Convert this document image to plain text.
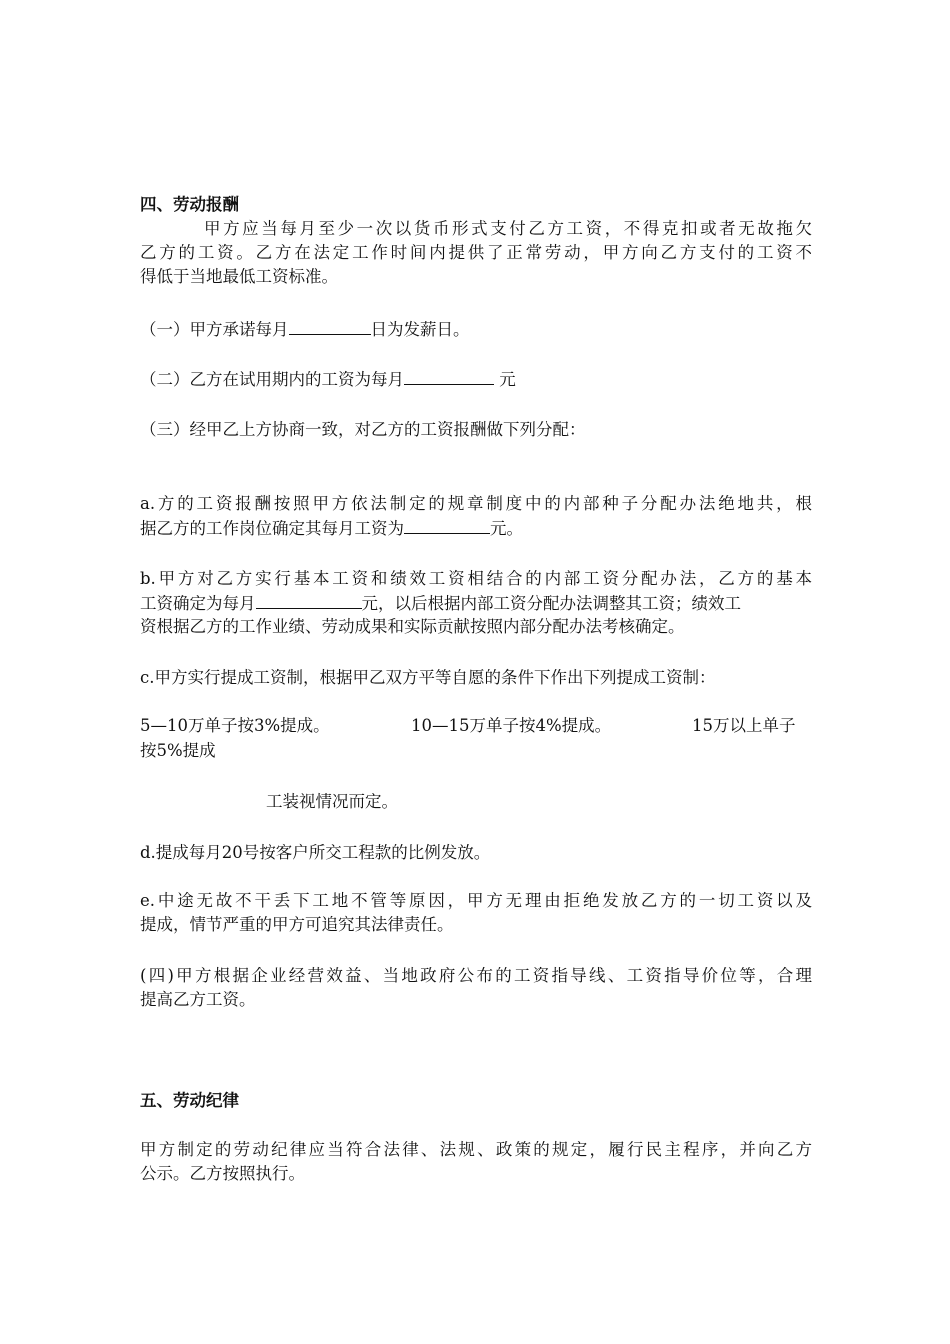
四、劳动报酬
甲方应当每月至少一次以货币形式支付乙方工资，不得克扣或者无故拖欠
乙方的工资。乙方在法定工作时间内提供了正常劳动，甲方向乙方支付的工资不
得低于当地最低工资标准。
（一）甲方承诺每月	日为发薪日。
（二）乙方在试用期内的工资为每月	元
（三）经甲乙上方协商一致，对乙方的工资报酬做下列分配：
a.方的工资报酬按照甲方依法制定的规章制度中的内部种子分配办法绝地共，根
据乙方的工作岗位确定其每月工资为	元。
b.甲方对乙方实行基本工资和绩效工资相结合的内部工资分配办法，乙方的基本
工资确定为每月	元，以后根据内部工资分配办法调整其工资；绩效工
资根据乙方的工作业绩、劳动成果和实际贡献按照内部分配办法考核确定。
c.甲方实行提成工资制，根据甲乙双方平等自愿的条件下作出下列提成工资制：
5—10万单子按3%提成。	10—15万单子按4%提成。	15万以上单子
按5%提成
工装视情况而定。
d.提成每月20号按客户所交工程款的比例发放。
e.中途无故不干丢下工地不管等原因，甲方无理由拒绝发放乙方的一切工资以及
提成，情节严重的甲方可追究其法律责任。
(四)甲方根据企业经营效益、当地政府公布的工资指导线、工资指导价位等，合理
提高乙方工资。
五、劳动纪律
甲方制定的劳动纪律应当符合法律、法规、政策的规定，履行民主程序，并向乙方
公示。乙方按照执行。
